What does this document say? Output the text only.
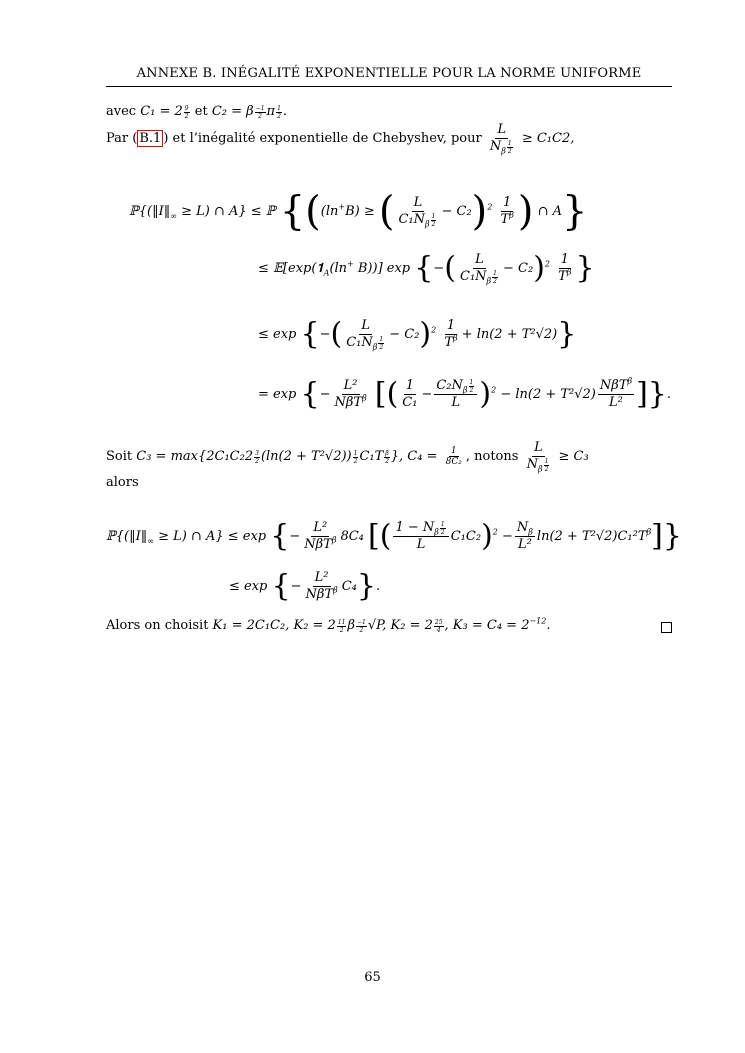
ANNEXE B. INÉGALITÉ EXPONENTIELLE POUR LA NORME UNIFORME
avec $C_1 = 2 \frac{9}{2}$ et C₂ = β $\frac{-1}{2}$ π $\frac{1}{2}$ .
Par ( B.1 ) et l’inégalité exponentielle de Chebyshev, pour L
$N_\beta$ $^{\frac{1}{2}}$ ≥ C₁C2,
$ℙ\{(‖I‖_\infty \ge L)$ ∩ A} ≤ ℙ {((ln+B) ≥ ( L
$C_1N_\beta$ $^{\frac{1}{2}} - C_2)^2 \frac{1}{T^\beta}$ ) ∩ A}
≤ $𝔼[\exp(𝟏_A(\ln^+$ B))] exp {−( L
$C_1N_\beta$ $^{\frac{1}{2}} - C_2)^2 \frac{1}{T^\beta}$ }
≤ exp {−( L
$C_1N_\beta$ $^{\frac{1}{2}} - C_2)^2 \frac{1}{T^\beta} + \ln(2 + T^2√2)$}
= exp {− $\frac{\text{L²}}{N\beta T^\beta}$ [( $\frac{1}{\text{C₁}} - C_2N_\beta$ $^{\frac{1}{2}}$
L )$^2 - \ln(2 + T^2√2) \frac{N\beta T^\beta}{\text{L²}}$ ]}.
Soit $C_3 = \max\{2C_1C_22 \frac{3}{2} (\ln(2 + T^2√2)) \frac{1}{2} C_1T \frac{\beta}{2}$ }, $C_4 = \frac{1}{\text{8C₂}}$ , notons L
$N_\beta$ $^{\frac{1}{2}}$ ≥ C₃
alors
$ℙ\{(‖I‖_\infty \ge L)$ ∩ A} ≤ exp {− $\frac{\text{L²}}{N\beta T^\beta} 8C_4$ [( $1 - N_\beta$ $^{\frac{1}{2}}$
L $C_1C_2)^2 - \frac{N_\beta}{\text{L²}} \ln(2 + T^2√2)C_1^2T^\beta$]}
≤ exp {− $\frac{\text{L²}}{N\beta T^\beta} C_4$}.
Alors on choisit K₁ = 2C₁C₂, $K_2 = 2 \frac{11}{2}$ β $\frac{-1}{2} √P$, $K_2 = 2 \frac{25}{4}$ , $K_3 = C_4 = 2^{-12}$.
65
